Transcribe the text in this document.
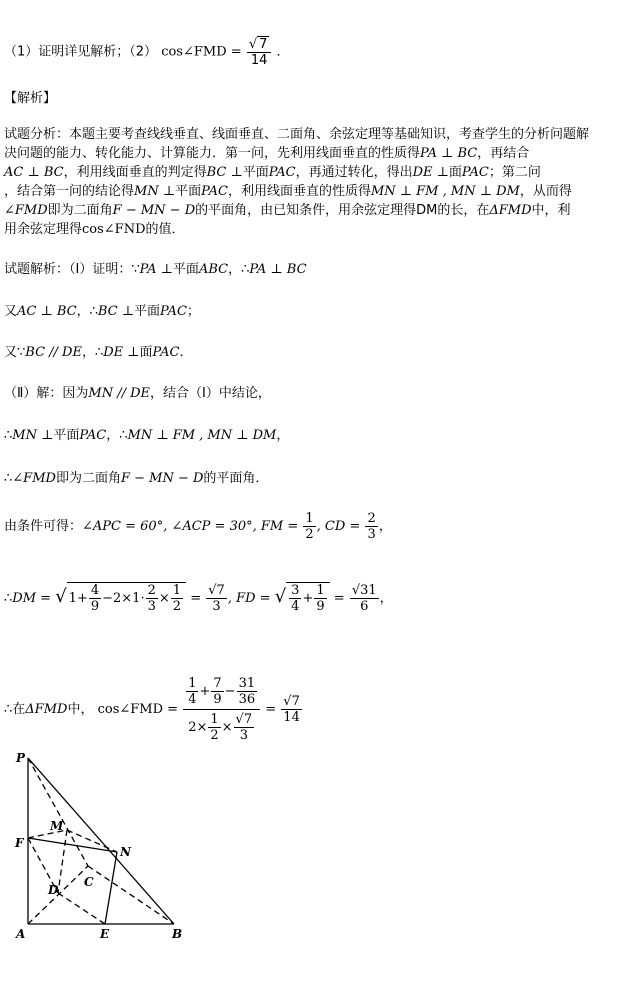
（1）证明详见解析；（2） cos∠FMD = $\frac{√ 7}{14}$ ．
【解析】
试题分析：本题主要考查线线垂直、线面垂直、二面角、余弦定理等基础知识，考查学生的分析问题解
决问题的能力、转化能力、计算能力．第一问，先利用线面垂直的性质得PA ⊥ BC，再结合
AC ⊥ BC，利用线面垂直的判定得BC ⊥平面PAC，再通过转化，得出DE ⊥面PAC；第二问
，结合第一问的结论得MN ⊥平面PAC，利用线面垂直的性质得MN ⊥ FM , MN ⊥ DM，从而得
∠FMD即为二面角F − MN − D的平面角，由已知条件，用余弦定理得DM的长，在ΔFMD中，利
用余弦定理得cos∠FND的值．
试题解析：（Ⅰ）证明：∵PA ⊥平面ABC，∴PA ⊥ BC
又AC ⊥ BC，∴BC ⊥平面PAC；
又∵BC // DE，∴DE ⊥面PAC．
（Ⅱ）解：因为MN // DE，结合（Ⅰ）中结论，
∴MN ⊥平面PAC，∴MN ⊥ FM , MN ⊥ DM，
∴∠FMD即为二面角F − MN − D的平面角．
由条件可得：∠APC = 60°, ∠ACP = 30°, FM = $\frac{1}{2}$ , CD = $\frac{2}{3}$ ，
∴DM = √ $1+ \frac{4}{9} -2\times 1\cdot \frac{2}{3} \times \frac{1}{2} = \frac{√7}{3}$ , FD = √ $\frac{3}{4} + \frac{1}{9} = \frac{√31}{6}$ ，
∴在ΔFMD中， cos∠FMD = $\frac{\frac{1}{4} + \frac{7}{9} - \frac{31}{36}}{2\times \frac{1}{2} \times \frac{√7}{3}} = \frac{√7}{14}$
P
F
M
N
C
D
A	E	B
